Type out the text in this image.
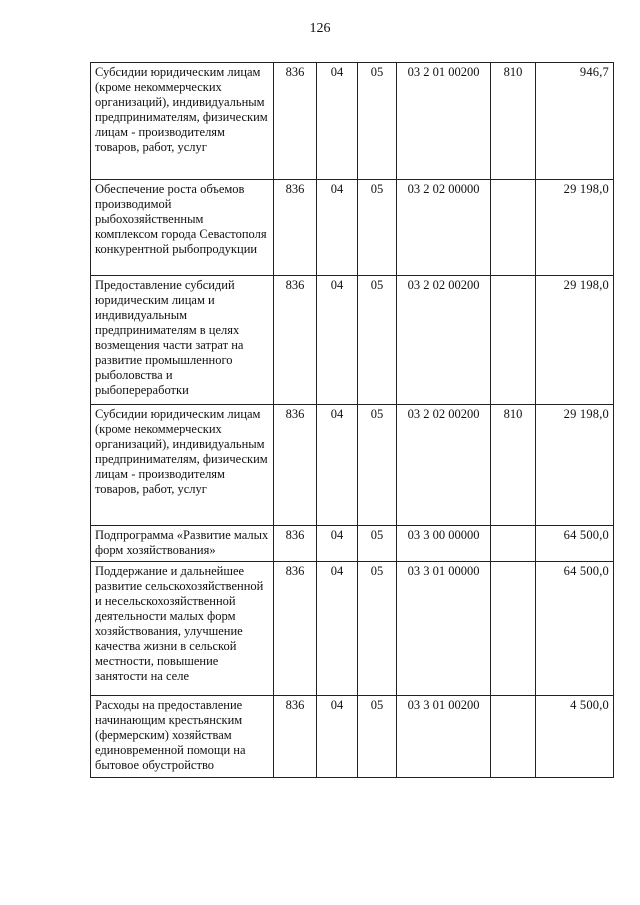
126
Субсидии юридическим лицам (кроме некоммерческих организаций), индивидуальным предпринимателям, физическим лицам - производителям товаров, работ, услуг	836	04	05	03 2 01 00200	810	946,7
Обеспечение роста объемов производимой рыбохозяйственным комплексом города Севастополя конкурентной рыбопродукции	836	04	05	03 2 02 00000		29 198,0
Предоставление субсидий юридическим лицам и индивидуальным предпринимателям в целях возмещения части затрат на развитие промышленного рыболовства и рыбопереработки	836	04	05	03 2 02 00200		29 198,0
Субсидии юридическим лицам (кроме некоммерческих организаций), индивидуальным предпринимателям, физическим лицам - производителям товаров, работ, услуг	836	04	05	03 2 02 00200	810	29 198,0
Подпрограмма «Развитие малых форм хозяйствования»	836	04	05	03 3 00 00000		64 500,0
Поддержание и дальнейшее развитие сельскохозяйственной и несельскохозяйственной деятельности малых форм хозяйствования, улучшение качества жизни в сельской местности, повышение занятости на селе	836	04	05	03 3 01 00000		64 500,0
Расходы на предоставление начинающим крестьянским (фермерским) хозяйствам единовременной помощи на бытовое обустройство	836	04	05	03 3 01 00200		4 500,0
